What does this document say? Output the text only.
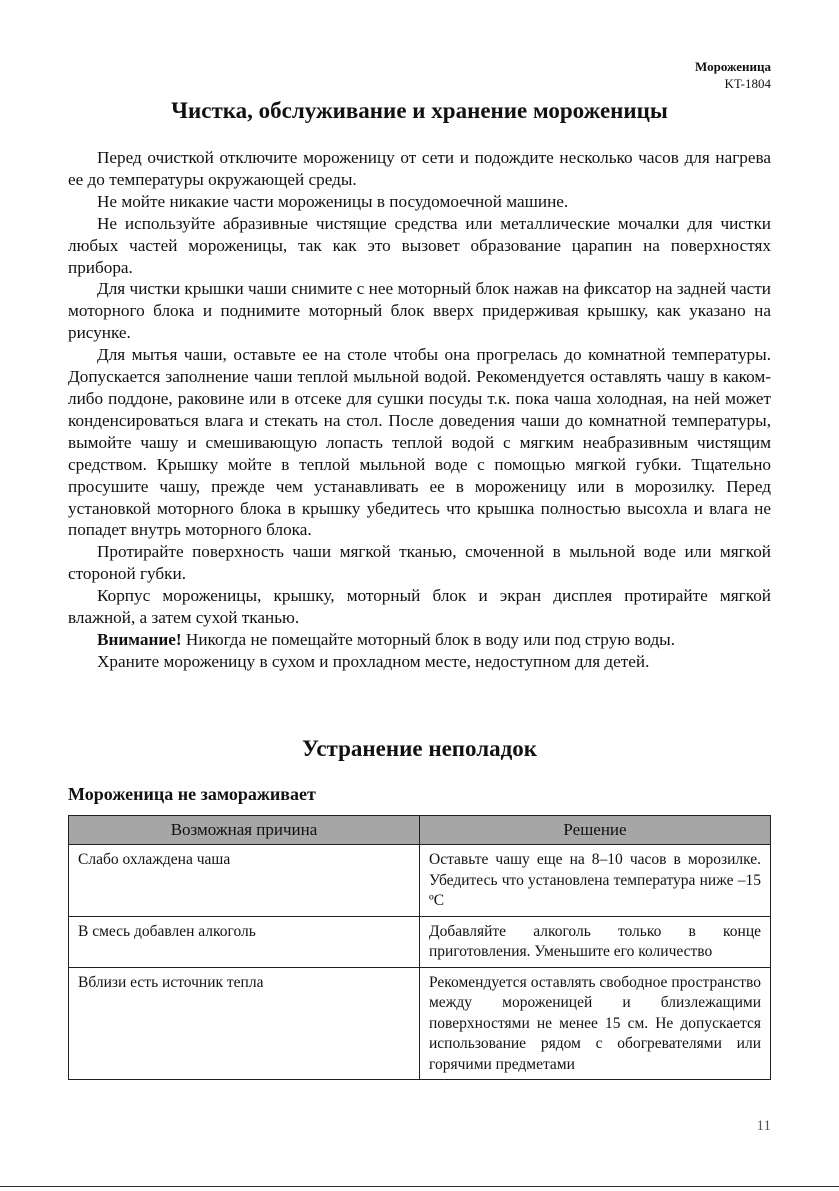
Мороженица
KT-1804
Чистка, обслуживание и хранение мороженицы

Перед очисткой отключите мороженицу от сети и подождите несколько часов для нагрева ее до температуры окружающей среды.

Не мойте никакие части мороженицы в посудомоечной машине.

Не используйте абразивные чистящие средства или металлические мочалки для чистки любых частей мороженицы, так как это вызовет образование царапин на поверхностях прибора.

Для чистки крышки чаши снимите с нее моторный блок нажав на фиксатор на задней части моторного блока и поднимите моторный блок вверх придерживая крышку, как указано на рисунке.

Для мытья чаши, оставьте ее на столе чтобы она прогрелась до комнатной температуры. Допускается заполнение чаши теплой мыльной водой. Рекомендуется оставлять чашу в каком-либо поддоне, раковине или в отсеке для сушки посуды т.к. пока чаша холодная, на ней может конденсироваться влага и стекать на стол. После доведения чаши до комнатной температуры, вымойте чашу и смешивающую лопасть теплой водой с мягким неабразивным чистящим средством. Крышку мойте в теплой мыльной воде с помощью мягкой губки. Тщательно просушите чашу, прежде чем устанавливать ее в мороженицу или в морозилку. Перед установкой моторного блока в крышку убедитесь что крышка полностью высохла и влага не попадет внутрь моторного блока.

Протирайте поверхность чаши мягкой тканью, смоченной в мыльной воде или мягкой стороной губки.

Корпус мороженицы, крышку, моторный блок и экран дисплея протирайте мягкой влажной, а затем сухой тканью.

Внимание! Никогда не помещайте моторный блок в воду или под струю воды.

Храните мороженицу в сухом и прохладном месте, недоступном для детей.

Устранение неполадок
Мороженица не замораживает
Возможная причина	Решение
Слабо охлаждена чаша	Оставьте чашу еще на 8–10 часов в морозилке. Убедитесь что установлена температура ниже –15 ºС
В смесь добавлен алкоголь	Добавляйте алкоголь только в конце приготовления. Уменьшите его количество
Вблизи есть источник тепла	Рекомендуется оставлять свободное пространство между мороженицей и близлежащими поверхностями не менее 15 см. Не допускается использование рядом с обогревателями или горячими предметами
11
